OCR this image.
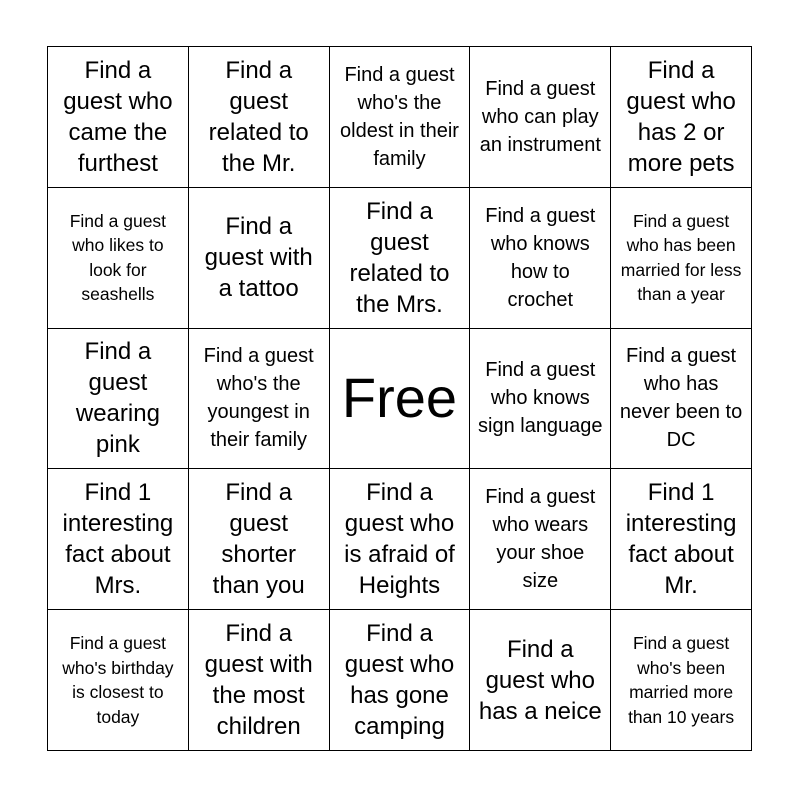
Find a guest who came the furthest
Find a guest related to the Mr.
Find a guest who's the oldest in their family
Find a guest who can play an instrument
Find a guest who has 2 or more pets
Find a guest who likes to look for seashells
Find a guest with a tattoo
Find a guest related to the Mrs.
Find a guest who knows how to crochet
Find a guest who has been married for less than a year
Find a guest wearing pink
Find a guest who's the youngest in their family
Free	Find a guest who knows sign language
Find a guest who has never been to DC
Find 1 interesting fact about Mrs.
Find a guest shorter than you
Find a guest who is afraid of Heights
Find a guest who wears your shoe size
Find 1 interesting fact about Mr.
Find a guest who's birthday is closest to today
Find a guest with the most children
Find a guest who has gone camping
Find a guest who has a neice
Find a guest who's been married more than 10 years
